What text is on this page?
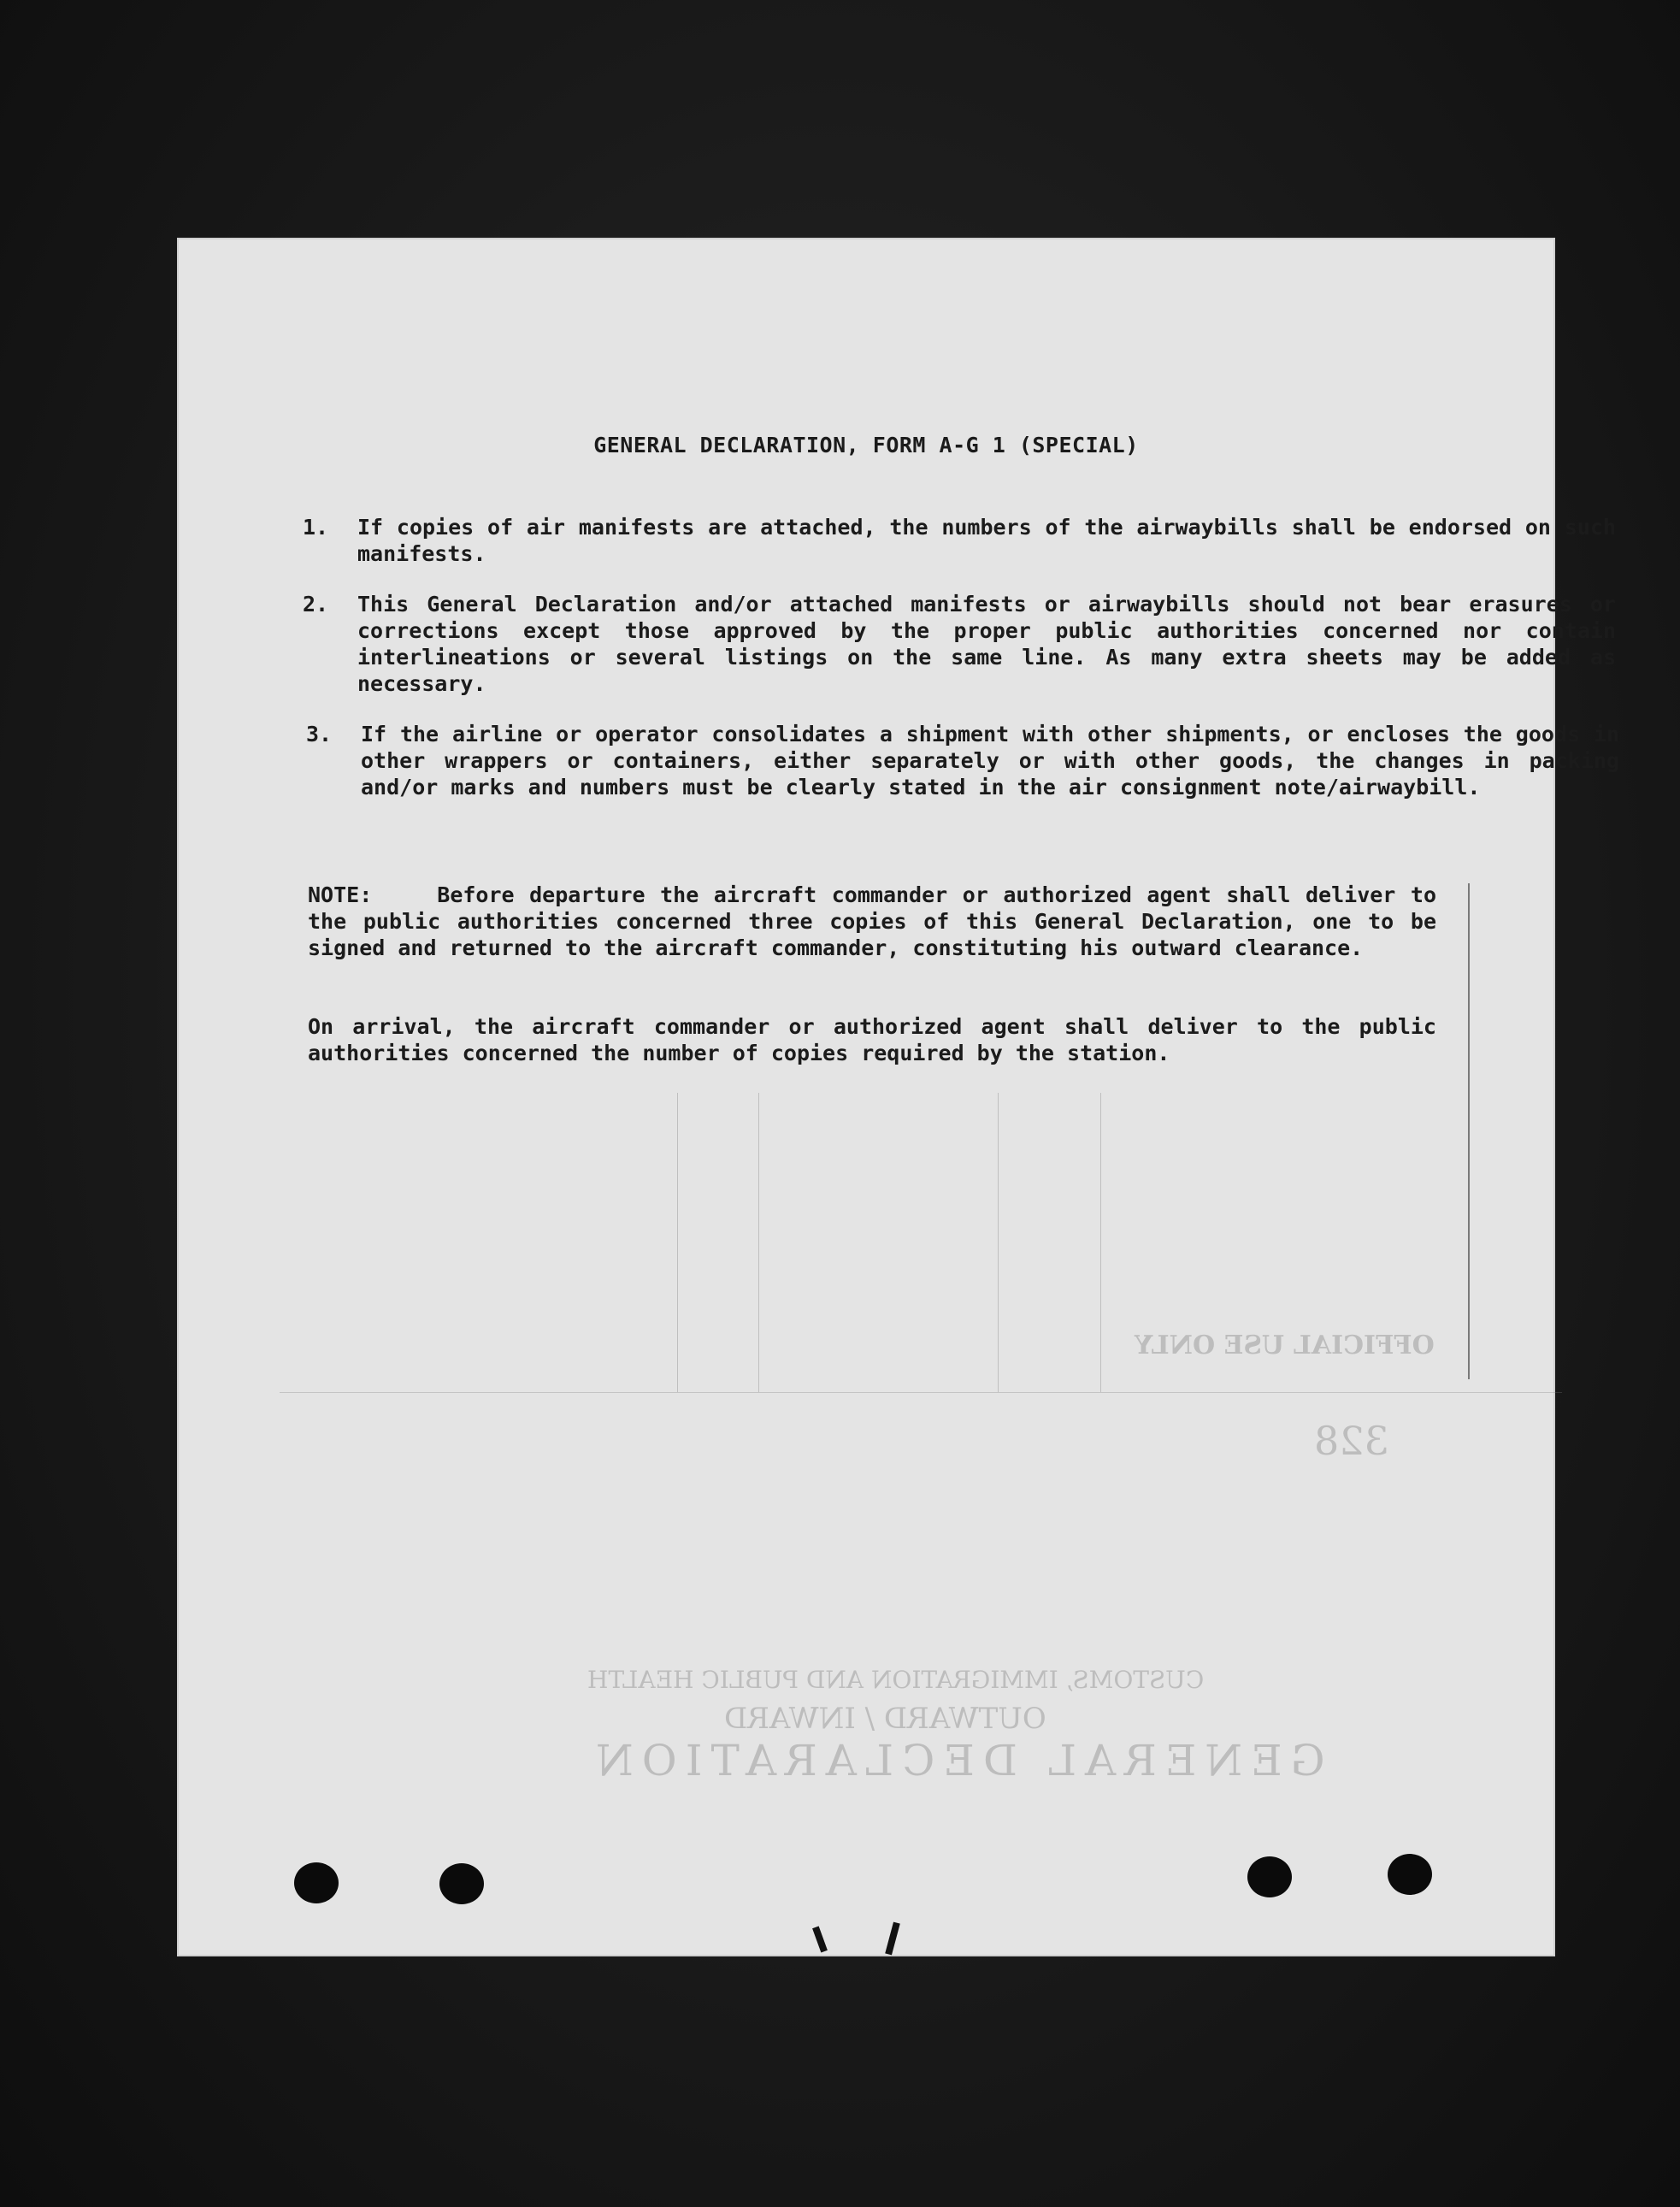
OFFICIAL USE ONLY
328
CUSTOMS, IMMIGRATION AND PUBLIC HEALTH
OUTWARD / INWARD
GENERAL DECLARATION
GENERAL DECLARATION, FORM A-G 1 (SPECIAL)
1. If copies of air manifests are attached, the numbers of the airwaybills shall be endorsed on such manifests.
2. This General Declaration and/or attached manifests or airwaybills should not bear erasures or corrections except those approved by the proper public authorities concerned nor contain interlineations or several listings on the same line. As many extra sheets may be added as necessary.
3. If the airline or operator consolidates a shipment with other shipments, or encloses the goods in other wrappers or containers, either separately or with other goods, the changes in packing and/or marks and numbers must be clearly stated in the air consignment note/airwaybill.
NOTE:	Before departure the aircraft commander or authorized agent shall deliver to the public authorities concerned three copies of this General Declaration, one to be signed and returned to the aircraft commander, constituting his outward clearance.
On arrival, the aircraft commander or authorized agent shall deliver to the public authorities concerned the number of copies required by the station.
